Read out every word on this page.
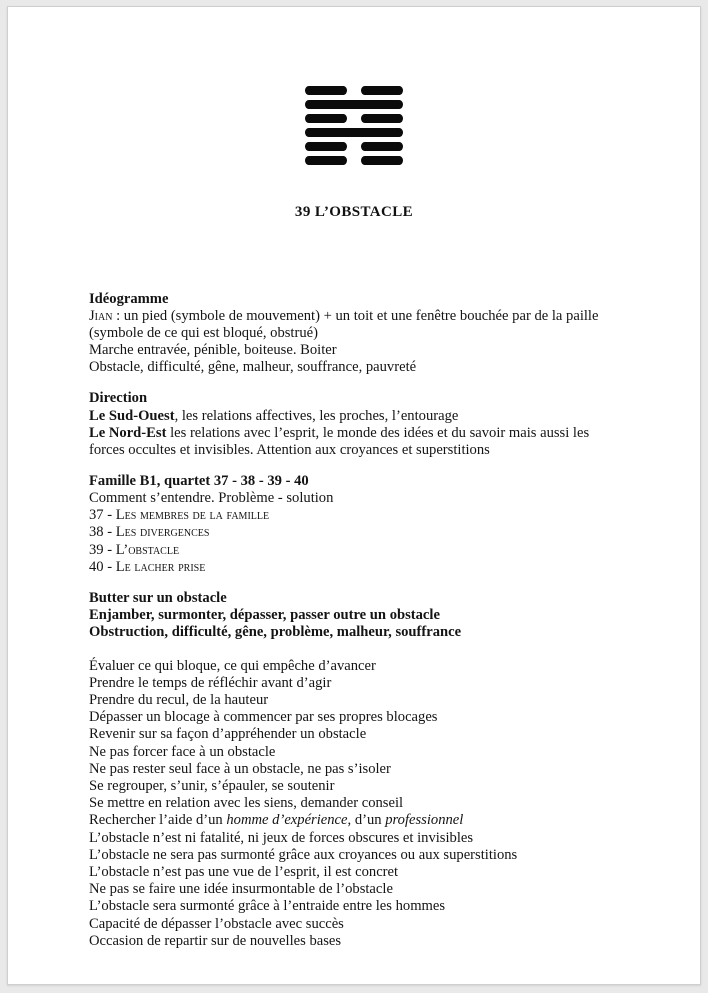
39 L’OBSTACLE
Idéogramme
Jian : un pied (symbole de mouvement) + un toit et une fenêtre bouchée par de la paille
(symbole de ce qui est bloqué, obstrué)
Marche entravée, pénible, boiteuse. Boiter
Obstacle, difficulté, gêne, malheur, souffrance, pauvreté
Direction
Le Sud-Ouest, les relations affectives, les proches, l’entourage
Le Nord-Est les relations avec l’esprit, le monde des idées et du savoir mais aussi les forces occultes et invisibles. Attention aux croyances et superstitions
Famille B1, quartet 37 - 38 - 39 - 40
Comment s’entendre. Problème - solution
37 - Les membres de la famille
38 - Les divergences
39 - L’obstacle
40 - Le lacher prise
Butter sur un obstacle
Enjamber, surmonter, dépasser, passer outre un obstacle
Obstruction, difficulté, gêne, problème, malheur, souffrance
Évaluer ce qui bloque, ce qui empêche d’avancer
Prendre le temps de réfléchir avant d’agir
Prendre du recul, de la hauteur
Dépasser un blocage à commencer par ses propres blocages
Revenir sur sa façon d’appréhender un obstacle
Ne pas forcer face à un obstacle
Ne pas rester seul face à un obstacle, ne pas s’isoler
Se regrouper, s’unir, s’épauler, se soutenir
Se mettre en relation avec les siens, demander conseil
Rechercher l’aide d’un homme d’expérience, d’un professionnel
L’obstacle n’est ni fatalité, ni jeux de forces obscures et invisibles
L’obstacle ne sera pas surmonté grâce aux croyances ou aux superstitions
L’obstacle n’est pas une vue de l’esprit, il est concret
Ne pas se faire une idée insurmontable de l’obstacle
L’obstacle sera surmonté grâce à l’entraide entre les hommes
Capacité de dépasser l’obstacle avec succès
Occasion de repartir sur de nouvelles bases
